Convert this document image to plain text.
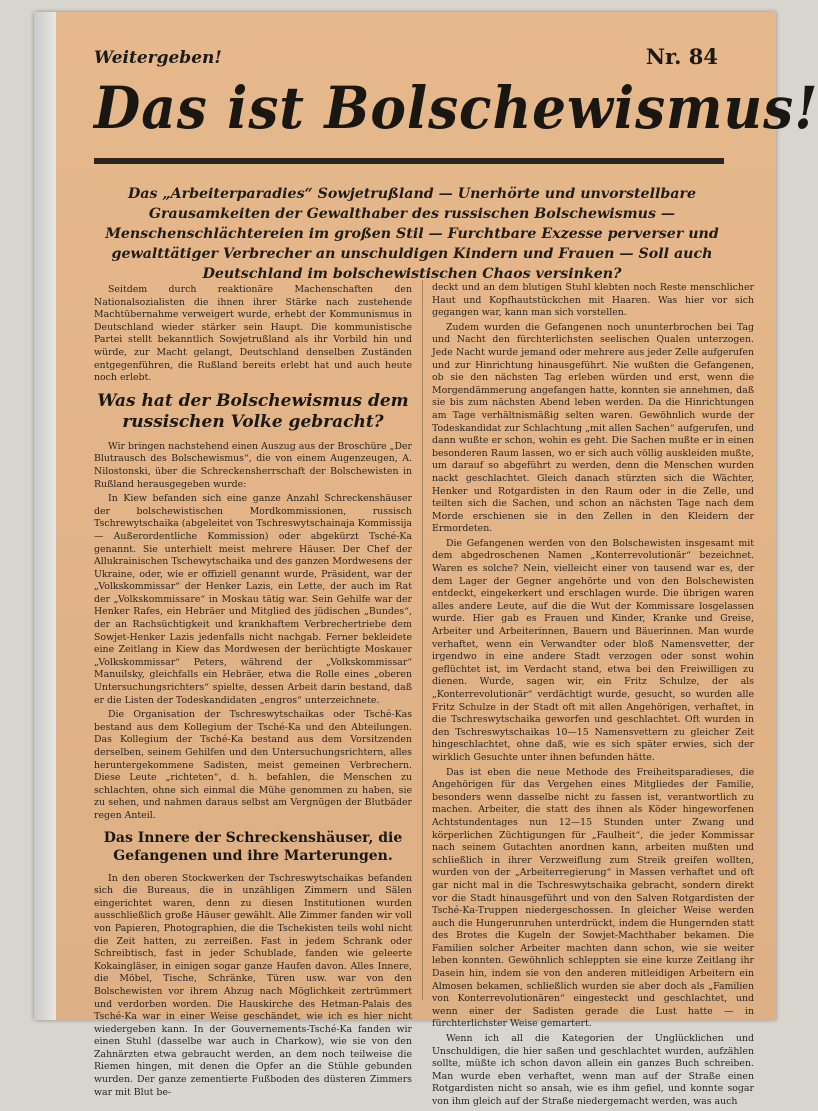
Weitergeben!	Nr. 84
Das ist Bolschewismus!
Das „Arbeiterparadies“ Sowjetrußland — Unerhörte und unvorstellbare Grausamkeiten der Gewalthaber des russischen Bolschewismus — Menschenschlächtereien im großen Stil — Furchtbare Exzesse perverser und gewalttätiger Verbrecher an unschuldigen Kindern und Frauen — Soll auch Deutschland im bolschewistischen Chaos versinken?

Seitdem durch reaktionäre Machenschaften den Nationalsozialisten die ihnen ihrer Stärke nach zustehende Machtübernahme verweigert wurde, erhebt der Kommunismus in Deutschland wieder stärker sein Haupt. Die kommunistische Partei stellt bekanntlich Sowjetrußland als ihr Vorbild hin und würde, zur Macht gelangt, Deutschland denselben Zuständen entgegenführen, die Rußland bereits erlebt hat und auch heute noch erlebt.

Was hat der Bolschewismus dem russischen Volke gebracht?

Wir bringen nachstehend einen Auszug aus der Broschüre „Der Blutrausch des Bolschewismus“, die von einem Augenzeugen, A. Nilostonski, über die Schreckensherrschaft der Bolschewisten in Rußland herausgegeben wurde:

In Kiew befanden sich eine ganze Anzahl Schreckenshäuser der bolschewistischen Mordkommissionen, russisch Tschrewytschaika (abgeleitet von Tschreswytschainaja Kommissija — Außerordentliche Kommission) oder abgekürzt Tsché-Ka genannt. Sie unterhielt meist mehrere Häuser. Der Chef der Allukrainischen Tschewytschaika und des ganzen Mordwesens der Ukraine, oder, wie er offiziell genannt wurde, Präsident, war der „Volkskommissar“ der Henker Lazis, ein Lette, der auch im Rat der „Volkskommissare“ in Moskau tätig war. Sein Gehilfe war der Henker Rafes, ein Hebräer und Mitglied des jüdischen „Bundes“, der an Rachsüchtigkeit und krankhaftem Verbrechertriebe dem Sowjet-Henker Lazis jedenfalls nicht nachgab. Ferner bekleidete eine Zeitlang in Kiew das Mordwesen der berüchtigte Moskauer „Volkskommissar“ Peters, während der „Volkskommissar“ Manuilsky, gleichfalls ein Hebräer, etwa die Rolle eines „oberen Untersuchungsrichters“ spielte, dessen Arbeit darin bestand, daß er die Listen der Todeskandidaten „engros“ unterzeichnete.

Die Organisation der Tschreswytschaikas oder Tsché-Kas bestand aus dem Kollegium der Tsché-Ka und den Abteilungen. Das Kollegium der Tsché-Ka bestand aus dem Vorsitzenden derselben, seinem Gehilfen und den Untersuchungsrichtern, alles heruntergekommene Sadisten, meist gemeinen Verbrechern. Diese Leute „richteten“, d. h. befahlen, die Menschen zu schlachten, ohne sich einmal die Mühe genommen zu haben, sie zu sehen, und nahmen daraus selbst am Vergnügen der Blutbäder regen Anteil.

Das Innere der Schreckenshäuser, die Gefangenen und ihre Marterungen.

In den oberen Stockwerken der Tschreswytschaikas befanden sich die Bureaus, die in unzähligen Zimmern und Sälen eingerichtet waren, denn zu diesen Institutionen wurden ausschließlich große Häuser gewählt. Alle Zimmer fanden wir voll von Papieren, Photographien, die die Tschekisten teils wohl nicht die Zeit hatten, zu zerreißen. Fast in jedem Schrank oder Schreibtisch, fast in jeder Schublade, fanden wie geleerte Kokaingläser, in einigen sogar ganze Haufen davon. Alles Innere, die Möbel, Tische, Schränke, Türen usw. war von den Bolschewisten vor ihrem Abzug nach Möglichkeit zertrümmert und verdorben worden. Die Hauskirche des Hetman-Palais des Tsché-Ka war in einer Weise geschändet, wie ich es hier nicht wiedergeben kann. In der Gouvernements-Tsché-Ka fanden wir einen Stuhl (dasselbe war auch in Charkow), wie sie von den Zahnärzten etwa gebraucht werden, an dem noch teilweise die Riemen hingen, mit denen die Opfer an die Stühle gebunden wurden. Der ganze zementierte Fußboden des düsteren Zimmers war mit Blut be-

deckt und an dem blutigen Stuhl klebten noch Reste menschlicher Haut und Kopfhautstückchen mit Haaren. Was hier vor sich gegangen war, kann man sich vorstellen.

Zudem wurden die Gefangenen noch ununterbrochen bei Tag und Nacht den fürchterlichsten seelischen Qualen unterzogen. Jede Nacht wurde jemand oder mehrere aus jeder Zelle aufgerufen und zur Hinrichtung hinausgeführt. Nie wußten die Gefangenen, ob sie den nächsten Tag erleben würden und erst, wenn die Morgendämmerung angefangen hatte, konnten sie annehmen, daß sie bis zum nächsten Abend leben werden. Da die Hinrichtungen am Tage verhältnismäßig selten waren. Gewöhnlich wurde der Todeskandidat zur Schlachtung „mit allen Sachen“ aufgerufen, und dann wußte er schon, wohin es geht. Die Sachen mußte er in einen besonderen Raum lassen, wo er sich auch völlig auskleiden mußte, um darauf so abgeführt zu werden, denn die Menschen wurden nackt geschlachtet. Gleich danach stürzten sich die Wächter, Henker und Rotgardisten in den Raum oder in die Zelle, und teilten sich die Sachen, und schon an nächsten Tage nach dem Morde erschienen sie in den Zellen in den Kleidern der Ermordeten.

Die Gefangenen werden von den Bolschewisten insgesamt mit dem abgedroschenen Namen „Konterrevolutionär“ bezeichnet. Waren es solche? Nein, vielleicht einer von tausend war es, der dem Lager der Gegner angehörte und von den Bolschewisten entdeckt, eingekerkert und erschlagen wurde. Die übrigen waren alles andere Leute, auf die die Wut der Kommissare losgelassen wurde. Hier gab es Frauen und Kinder, Kranke und Greise, Arbeiter und Arbeiterinnen, Bauern und Bäuerinnen. Man wurde verhaftet, wenn ein Verwandter oder bloß Namensvetter, der irgendwo in eine andere Stadt verzogen oder sonst wohin geflüchtet ist, im Verdacht stand, etwa bei den Freiwilligen zu dienen. Wurde, sagen wir, ein Fritz Schulze, der als „Konterrevolutionär“ verdächtigt wurde, gesucht, so wurden alle Fritz Schulze in der Stadt oft mit allen Angehörigen, verhaftet, in die Tschreswytschaika geworfen und geschlachtet. Oft wurden in den Tschreswytschaikas 10—15 Namensvettern zu gleicher Zeit hingeschlachtet, ohne daß, wie es sich später erwies, sich der wirklich Gesuchte unter ihnen befunden hätte.

Das ist eben die neue Methode des Freiheitsparadieses, die Angehörigen für das Vergehen eines Mitgliedes der Familie, besonders wenn dasselbe nicht zu fassen ist, verantwortlich zu machen. Arbeiter, die statt des ihnen als Köder hingeworfenen Achtstundentages nun 12—15 Stunden unter Zwang und körperlichen Züchtigungen für „Faulheit“, die jeder Kommissar nach seinem Gutachten anordnen kann, arbeiten mußten und schließlich in ihrer Verzweiflung zum Streik greifen wollten, wurden von der „Arbeiterregierung“ in Massen verhaftet und oft gar nicht mal in die Tschreswytschaika gebracht, sondern direkt vor die Stadt hinausgeführt und von den Salven Rotgardisten der Tsché-Ka-Truppen niedergeschossen. In gleicher Weise werden auch die Hungerunruhen unterdrückt, indem die Hungernden statt des Brotes die Kugeln der Sowjet-Machthaber bekamen. Die Familien solcher Arbeiter machten dann schon, wie sie weiter leben konnten. Gewöhnlich schleppten sie eine kurze Zeitlang ihr Dasein hin, indem sie von den anderen mitleidigen Arbeitern ein Almosen bekamen, schließlich wurden sie aber doch als „Familien von Konterrevolutionären“ eingesteckt und geschlachtet, und wenn einer der Sadisten gerade die Lust hatte — in fürchterlichster Weise gemartert.

Wenn ich all die Kategorien der Unglücklichen und Unschuldigen, die hier saßen und geschlachtet wurden, aufzählen sollte, müßte ich schon davon allein ein ganzes Buch schreiben. Man wurde eben verhaftet, wenn man auf der Straße einen Rotgardisten nicht so ansah, wie es ihm gefiel, und konnte sogar von ihm gleich auf der Straße niedergemacht werden, was auch
